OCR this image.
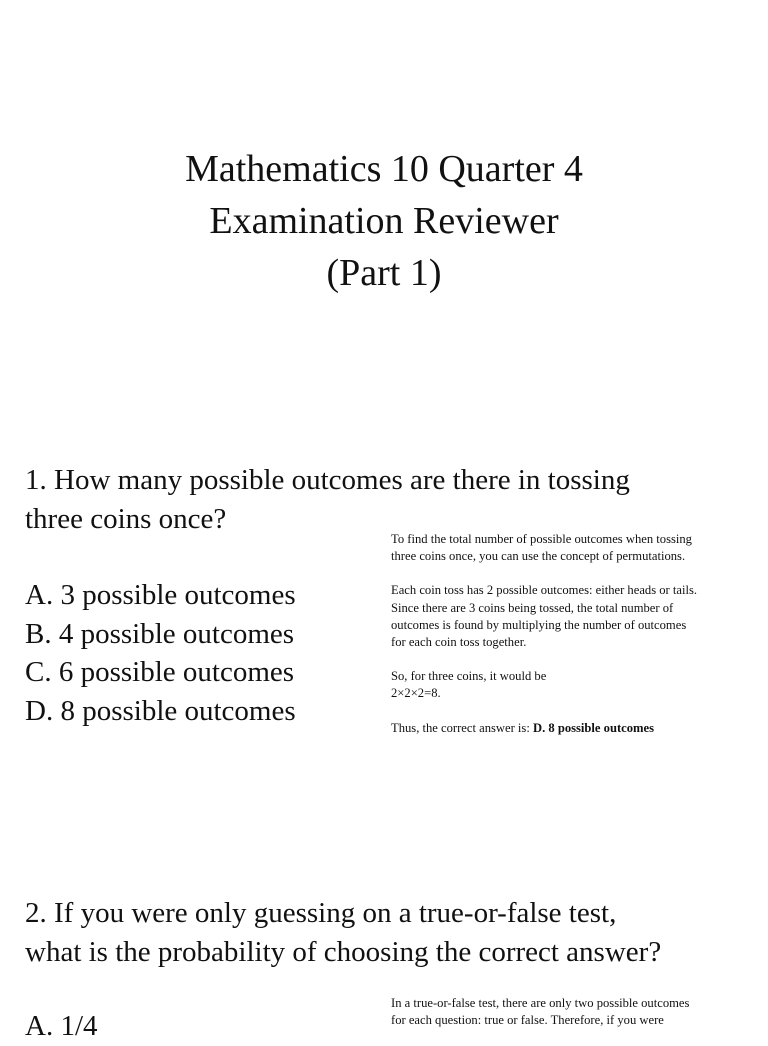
Mathematics 10 Quarter 4
Examination Reviewer
(Part 1)
1. How many possible outcomes are there in tossing
three coins once?
A. 3 possible outcomes
B. 4 possible outcomes
C. 6 possible outcomes
D. 8 possible outcomes
To find the total number of possible outcomes when tossing
three coins once, you can use the concept of permutations.
Each coin toss has 2 possible outcomes: either heads or tails.
Since there are 3 coins being tossed, the total number of
outcomes is found by multiplying the number of outcomes
for each coin toss together.
So, for three coins, it would be
2×2×2=8.
Thus, the correct answer is: D. 8 possible outcomes
2. If you were only guessing on a true-or-false test,
what is the probability of choosing the correct answer?
A. 1/4
In a true-or-false test, there are only two possible outcomes
for each question: true or false. Therefore, if you were
